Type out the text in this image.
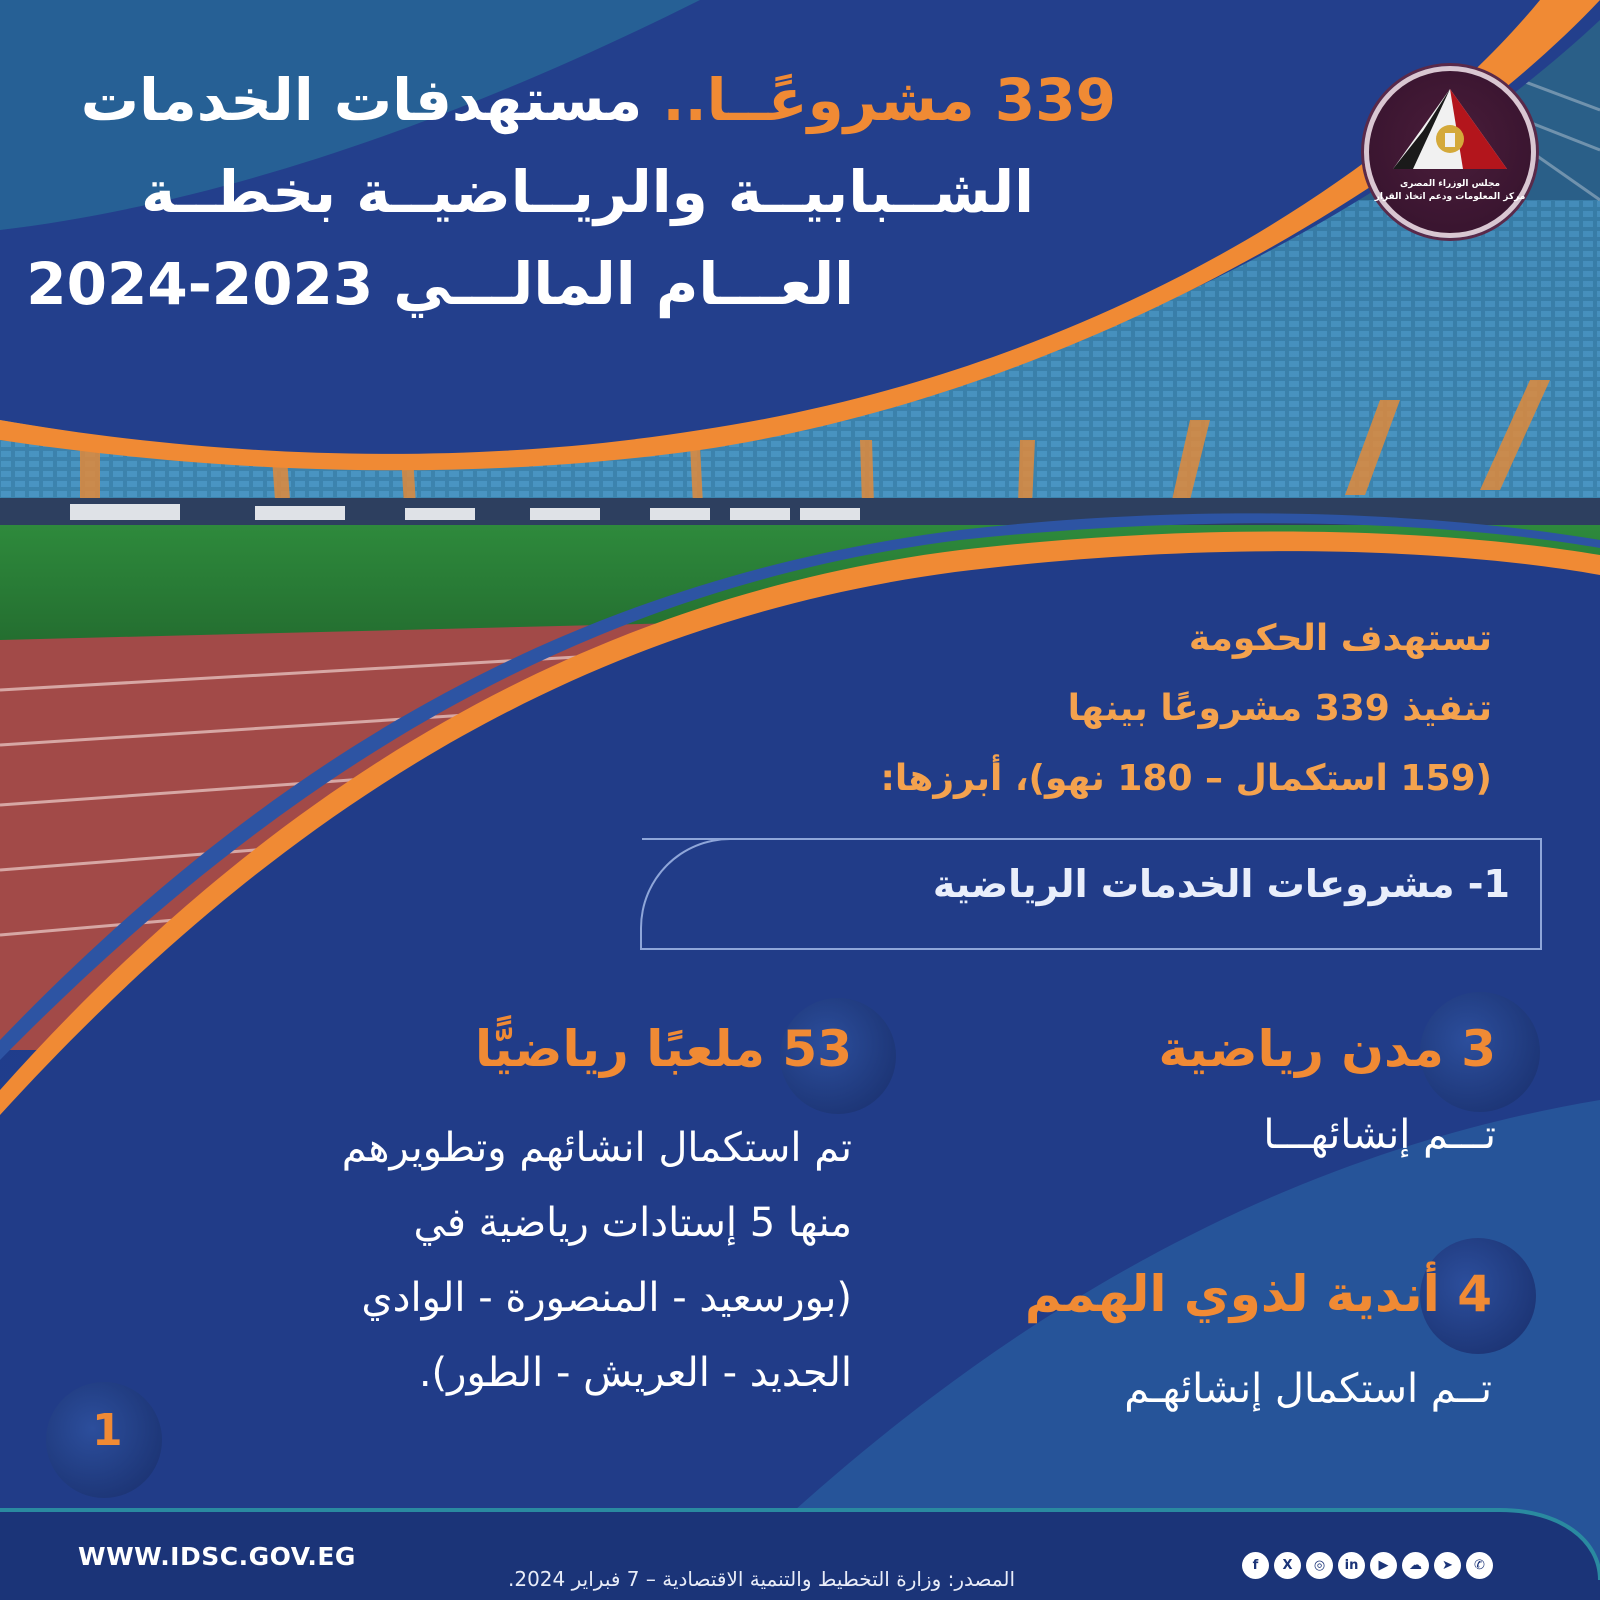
مجلس الوزراء المصرى
مركز المعلومات ودعم اتخاذ القرار
339 مشروعًــا.. مستهدفات الخدمات
الشــبابيــة والريــاضيــة بخطــة
العـــام المالـــي 2023-2024
تستهدف الحكومة
تنفيذ 339 مشروعًا بينها
(159 استكمال – 180 نهو)، أبرزها:
1- مشروعات الخدمات الرياضية
3 مدن رياضية
تـــم إنشائهـــا
4 أندية لذوي الهمم
تــم استكمال إنشائهـم
53 ملعبًا رياضيًّا
تم استكمال انشائهم وتطويرهم
منها 5 إستادات رياضية في
(بورسعيد - المنصورة - الوادي
الجديد - العريش - الطور).
1
WWW.IDSC.GOV.EG
المصدر: وزارة التخطيط والتنمية الاقتصادية – 7 فبراير 2024.
f	X	◎	in	▶	☁	➤	✆
